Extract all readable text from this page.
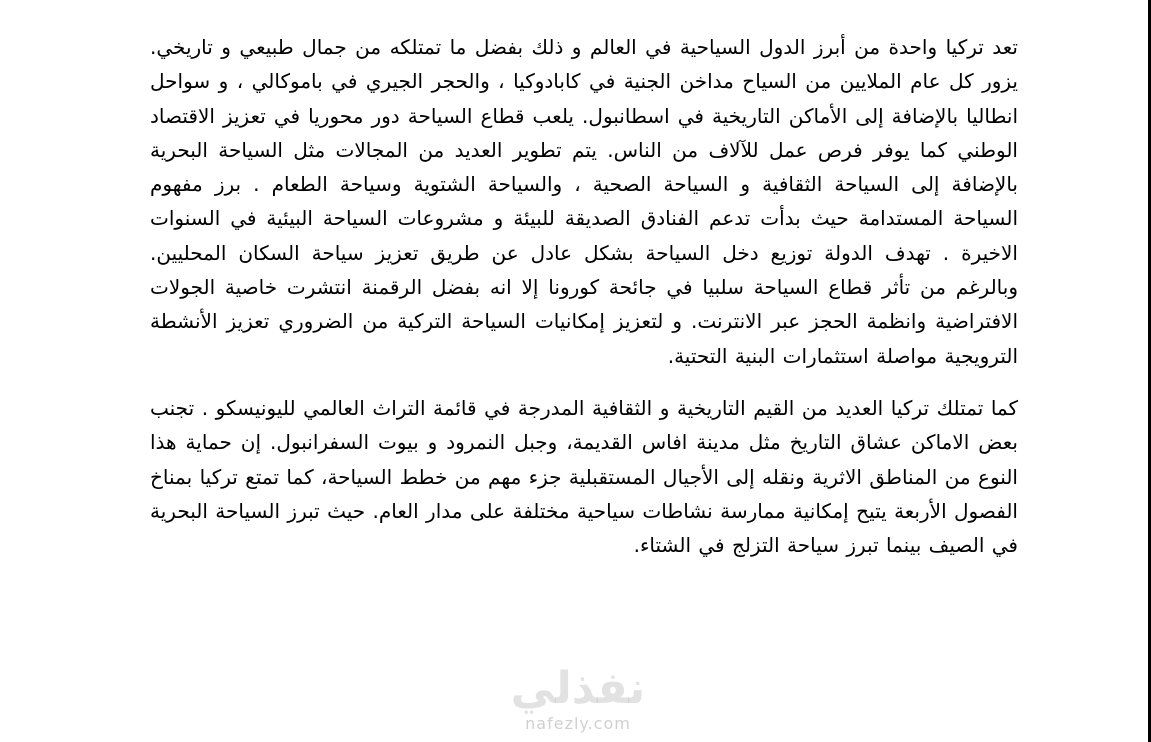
تعد تركيا واحدة من أبرز الدول السياحية في العالم و ذلك بفضل ما تمتلكه من جمال طبيعي و تاريخي. يزور كل عام الملايين من السياح مداخن الجنية في كابادوكيا ، والحجر الجيري في باموكالي ، و سواحل انطاليا بالإضافة إلى الأماكن التاريخية في اسطانبول. يلعب قطاع السياحة دور محوريا في تعزيز الاقتصاد الوطني كما يوفر فرص عمل للآلاف من الناس. يتم تطوير العديد من المجالات مثل السياحة البحرية بالإضافة إلى السياحة الثقافية و السياحة الصحية ، والسياحة الشتوية وسياحة الطعام . برز مفهوم السياحة المستدامة حيث بدأت تدعم الفنادق الصديقة للبيئة و مشروعات السياحة البيئية في السنوات الاخيرة . تهدف الدولة توزيع دخل السياحة بشكل عادل عن طريق تعزيز سياحة السكان المحليين. وبالرغم من تأثر قطاع السياحة سلبيا في جائحة كورونا إلا انه بفضل الرقمنة انتشرت خاصية الجولات الافتراضية وانظمة الحجز عبر الانترنت. و لتعزيز إمكانيات السياحة التركية من الضروري تعزيز الأنشطة الترويجية مواصلة استثمارات البنية التحتية.

كما تمتلك تركيا العديد من القيم التاريخية و الثقافية المدرجة في قائمة التراث العالمي لليونيسكو . تجنب بعض الاماكن عشاق التاريخ مثل مدينة افاس القديمة، وجبل النمرود و بيوت السفرانبول. إن حماية هذا النوع من المناطق الاثرية ونقله إلى الأجيال المستقبلية جزء مهم من خطط السياحة، كما تمتع تركيا بمناخ الفصول الأربعة يتيح إمكانية ممارسة نشاطات سياحية مختلفة على مدار العام. حيث تبرز السياحة البحرية في الصيف بينما تبرز سياحة التزلج في الشتاء.

نفذلي
nafezly.com
